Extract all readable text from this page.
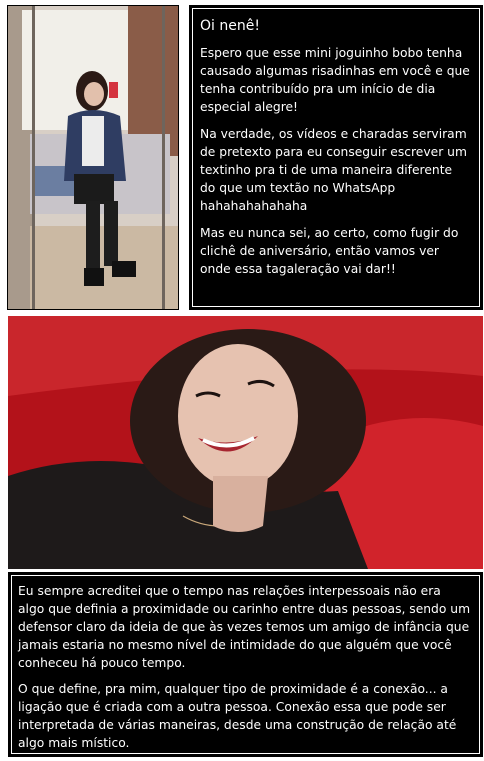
Oi nenê!
Espero que esse mini joguinho bobo tenha causado algumas risadinhas em você e que tenha contribuído pra um início de dia especial alegre!
Na verdade, os vídeos e charadas serviram de pretexto para eu conseguir escrever um textinho pra ti de uma maneira diferente do que um textão no WhatsApp hahahahahahaha
Mas eu nunca sei, ao certo, como fugir do clichê de aniversário, então vamos ver onde essa tagaleração vai dar!!
Eu sempre acreditei que o tempo nas relações interpessoais não era algo que definia a proximidade ou carinho entre duas pessoas, sendo um defensor claro da ideia de que às vezes temos um amigo de infância que jamais estaria no mesmo nível de intimidade do que alguém que você conheceu há pouco tempo.
O que define, pra mim, qualquer tipo de proximidade é a conexão... a ligação que é criada com a outra pessoa. Conexão essa que pode ser interpretada de várias maneiras, desde uma construção de relação até algo mais místico.
